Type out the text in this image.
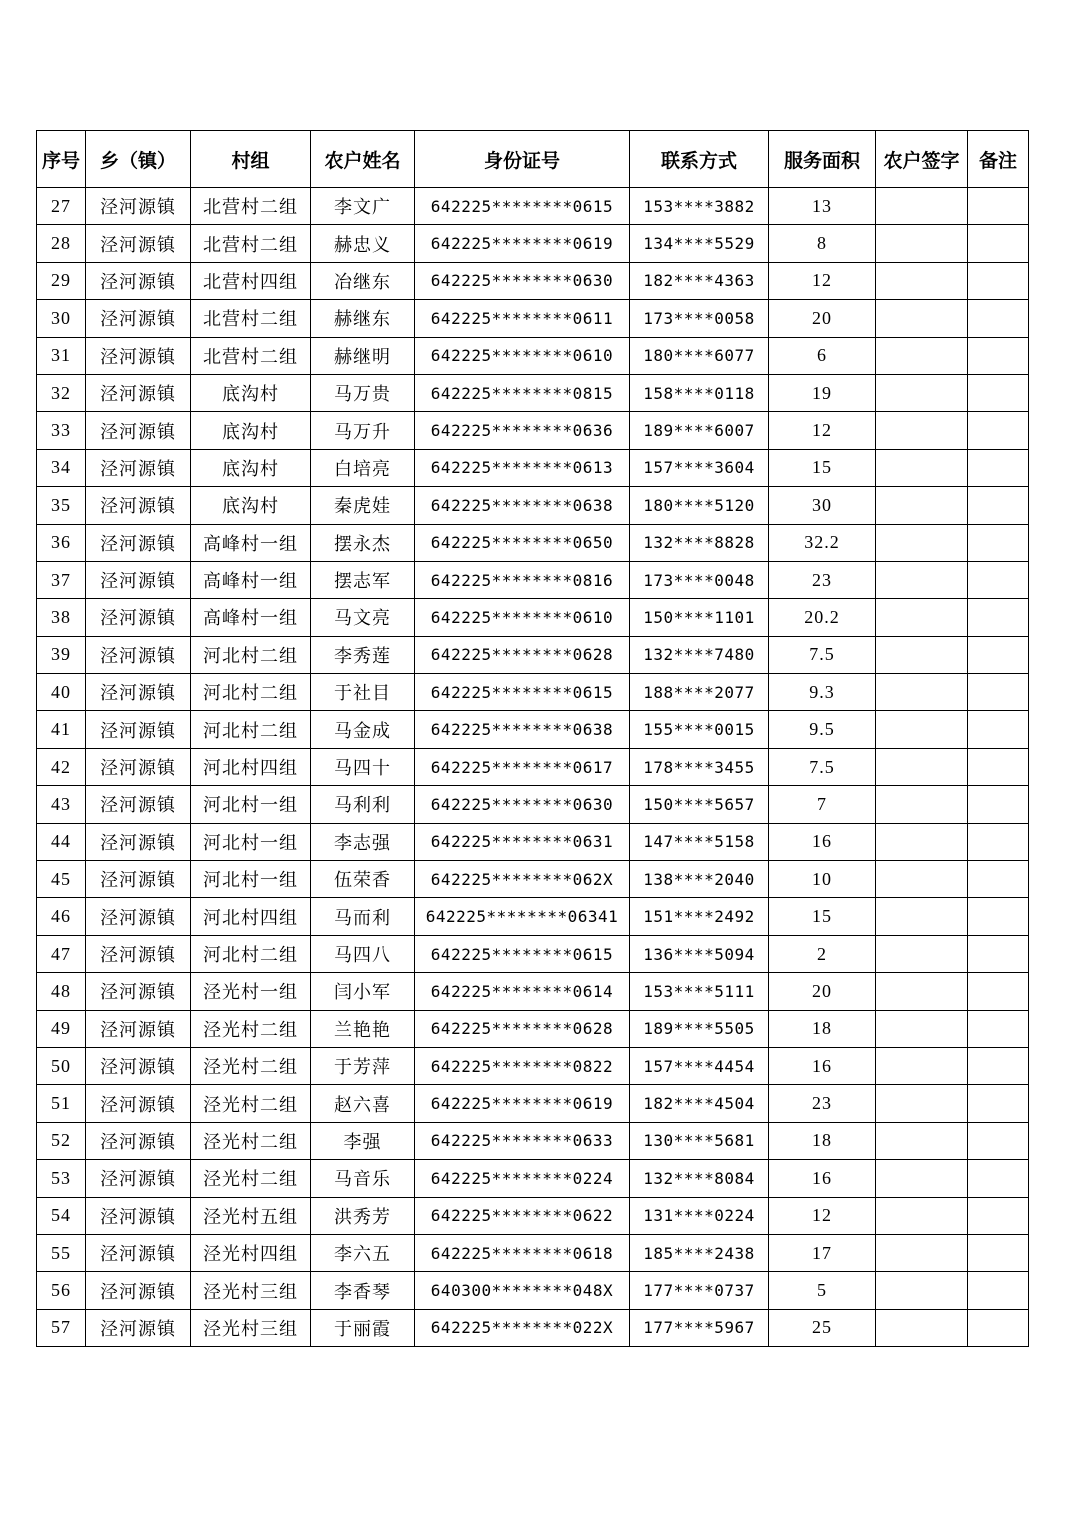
序号	乡（镇）	村组	农户姓名	身份证号	联系方式	服务面积	农户签字	备注
27	泾河源镇	北营村二组	李文广	642225********0615	153****3882	13		
28	泾河源镇	北营村二组	赫忠义	642225********0619	134****5529	8		
29	泾河源镇	北营村四组	冶继东	642225********0630	182****4363	12		
30	泾河源镇	北营村二组	赫继东	642225********0611	173****0058	20		
31	泾河源镇	北营村二组	赫继明	642225********0610	180****6077	6		
32	泾河源镇	底沟村	马万贵	642225********0815	158****0118	19		
33	泾河源镇	底沟村	马万升	642225********0636	189****6007	12		
34	泾河源镇	底沟村	白培亮	642225********0613	157****3604	15		
35	泾河源镇	底沟村	秦虎娃	642225********0638	180****5120	30		
36	泾河源镇	高峰村一组	摆永杰	642225********0650	132****8828	32.2		
37	泾河源镇	高峰村一组	摆志军	642225********0816	173****0048	23		
38	泾河源镇	高峰村一组	马文亮	642225********0610	150****1101	20.2		
39	泾河源镇	河北村二组	李秀莲	642225********0628	132****7480	7.5		
40	泾河源镇	河北村二组	于社目	642225********0615	188****2077	9.3		
41	泾河源镇	河北村二组	马金成	642225********0638	155****0015	9.5		
42	泾河源镇	河北村四组	马四十	642225********0617	178****3455	7.5		
43	泾河源镇	河北村一组	马利利	642225********0630	150****5657	7		
44	泾河源镇	河北村一组	李志强	642225********0631	147****5158	16		
45	泾河源镇	河北村一组	伍荣香	642225********062X	138****2040	10		
46	泾河源镇	河北村四组	马而利	642225********06341	151****2492	15		
47	泾河源镇	河北村二组	马四八	642225********0615	136****5094	2		
48	泾河源镇	泾光村一组	闫小军	642225********0614	153****5111	20		
49	泾河源镇	泾光村二组	兰艳艳	642225********0628	189****5505	18		
50	泾河源镇	泾光村二组	于芳萍	642225********0822	157****4454	16		
51	泾河源镇	泾光村二组	赵六喜	642225********0619	182****4504	23		
52	泾河源镇	泾光村二组	李强	642225********0633	130****5681	18		
53	泾河源镇	泾光村二组	马音乐	642225********0224	132****8084	16		
54	泾河源镇	泾光村五组	洪秀芳	642225********0622	131****0224	12		
55	泾河源镇	泾光村四组	李六五	642225********0618	185****2438	17		
56	泾河源镇	泾光村三组	李香琴	640300********048X	177****0737	5		
57	泾河源镇	泾光村三组	于丽霞	642225********022X	177****5967	25		
